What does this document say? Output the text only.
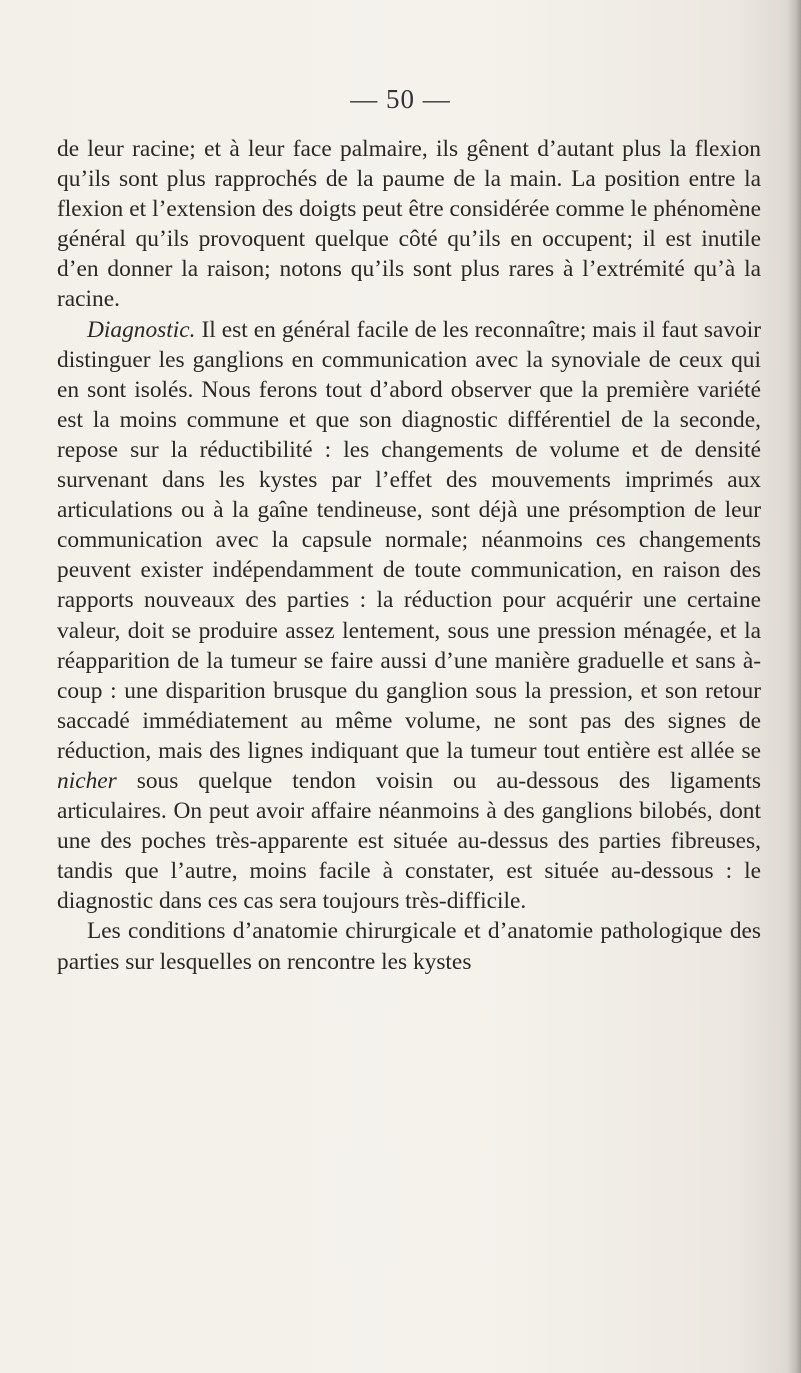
— 50 —

de leur racine; et à leur face palmaire, ils gênent d’autant plus la flexion qu’ils sont plus rapprochés de la paume de la main. La position entre la flexion et l’extension des doigts peut être considérée comme le phénomène général qu’ils provoquent quelque côté qu’ils en occupent; il est inutile d’en donner la raison; notons qu’ils sont plus rares à l’extrémité qu’à la racine.

Diagnostic. Il est en général facile de les reconnaître; mais il faut savoir distinguer les ganglions en communication avec la synoviale de ceux qui en sont isolés. Nous ferons tout d’abord observer que la première variété est la moins commune et que son diagnostic différentiel de la seconde, repose sur la réductibilité : les changements de volume et de densité survenant dans les kystes par l’effet des mouvements imprimés aux articulations ou à la gaîne tendineuse, sont déjà une présomption de leur communication avec la capsule normale; néanmoins ces changements peuvent exister indépendamment de toute communication, en raison des rapports nouveaux des parties : la réduction pour acquérir une certaine valeur, doit se produire assez lentement, sous une pression ménagée, et la réapparition de la tumeur se faire aussi d’une manière graduelle et sans à-coup : une disparition brusque du ganglion sous la pression, et son retour saccadé immédiatement au même volume, ne sont pas des signes de réduction, mais des lignes indiquant que la tumeur tout entière est allée se nicher sous quelque tendon voisin ou au-dessous des ligaments articulaires. On peut avoir affaire néanmoins à des ganglions bilobés, dont une des poches très-apparente est située au-dessus des parties fibreuses, tandis que l’autre, moins facile à constater, est située au-dessous : le diagnostic dans ces cas sera toujours très-difficile.

Les conditions d’anatomie chirurgicale et d’anatomie pathologique des parties sur lesquelles on rencontre les kystes
